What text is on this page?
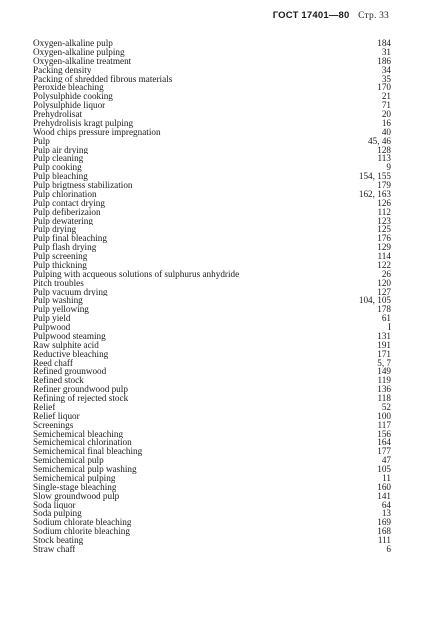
ГОСТ 17401—80 Стр. 33
Oxygen-alkaline pulp	184
Oxygen-alkaline pulping	31
Oxygen-alkaline treatment	186
Packing density	34
Packing of shredded fibrous materials	35
Peroxide bleaching	170
Polysulphide cooking	21
Polysulphide liquor	71
Prehydrolisat	20
Prehydrolisis kragt pulping	16
Wood chips pressure impregnation	40
Pulp	45, 46
Pulp air drying	128
Pulp cleaning	113
Pulp cooking	9
Pulp bleaching	154, 155
Pulp brigtness stabilization	179
Pulp chlorination	162, 163
Pulp contact drying	126
Pulp defiberizaion	112
Pulp dewatering	123
Pulp drying	125
Pulp final bleaching	176
Pulp flash drying	129
Pulp screening	114
Pulp thickning	122
Pulping with acqueous solutions of sulphurus anhydride	26
Pitch troubles	120
Pulp vacuum drying	127
Pulp washing	104, 105
Pulp yellowing	178
Pulp yield	61
Pulpwood	I
Pulpwood steaming	131
Raw sulphite acid	191
Reductive bleaching	171
Reed chaff	5, 7
Refined grounwood	149
Refined stock	119
Refiner groundwood pulp	136
Refining of rejected stock	118
Relief	52
Relief liquor	100
Screenings	117
Semichemical bleaching	156
Semichemical chlorination	164
Semichemical final bleaching	177
Semichemical pulp	47
Semichemical pulp washing	105
Semichemical pulping	11
Single-stage bleaching	160
Slow groundwood pulp	141
Soda liquor	64
Soda pulping	13
Sodium chlorate bleaching	169
Sodium chlorite bleaching	168
Stock beating	111
Straw chaff	6
